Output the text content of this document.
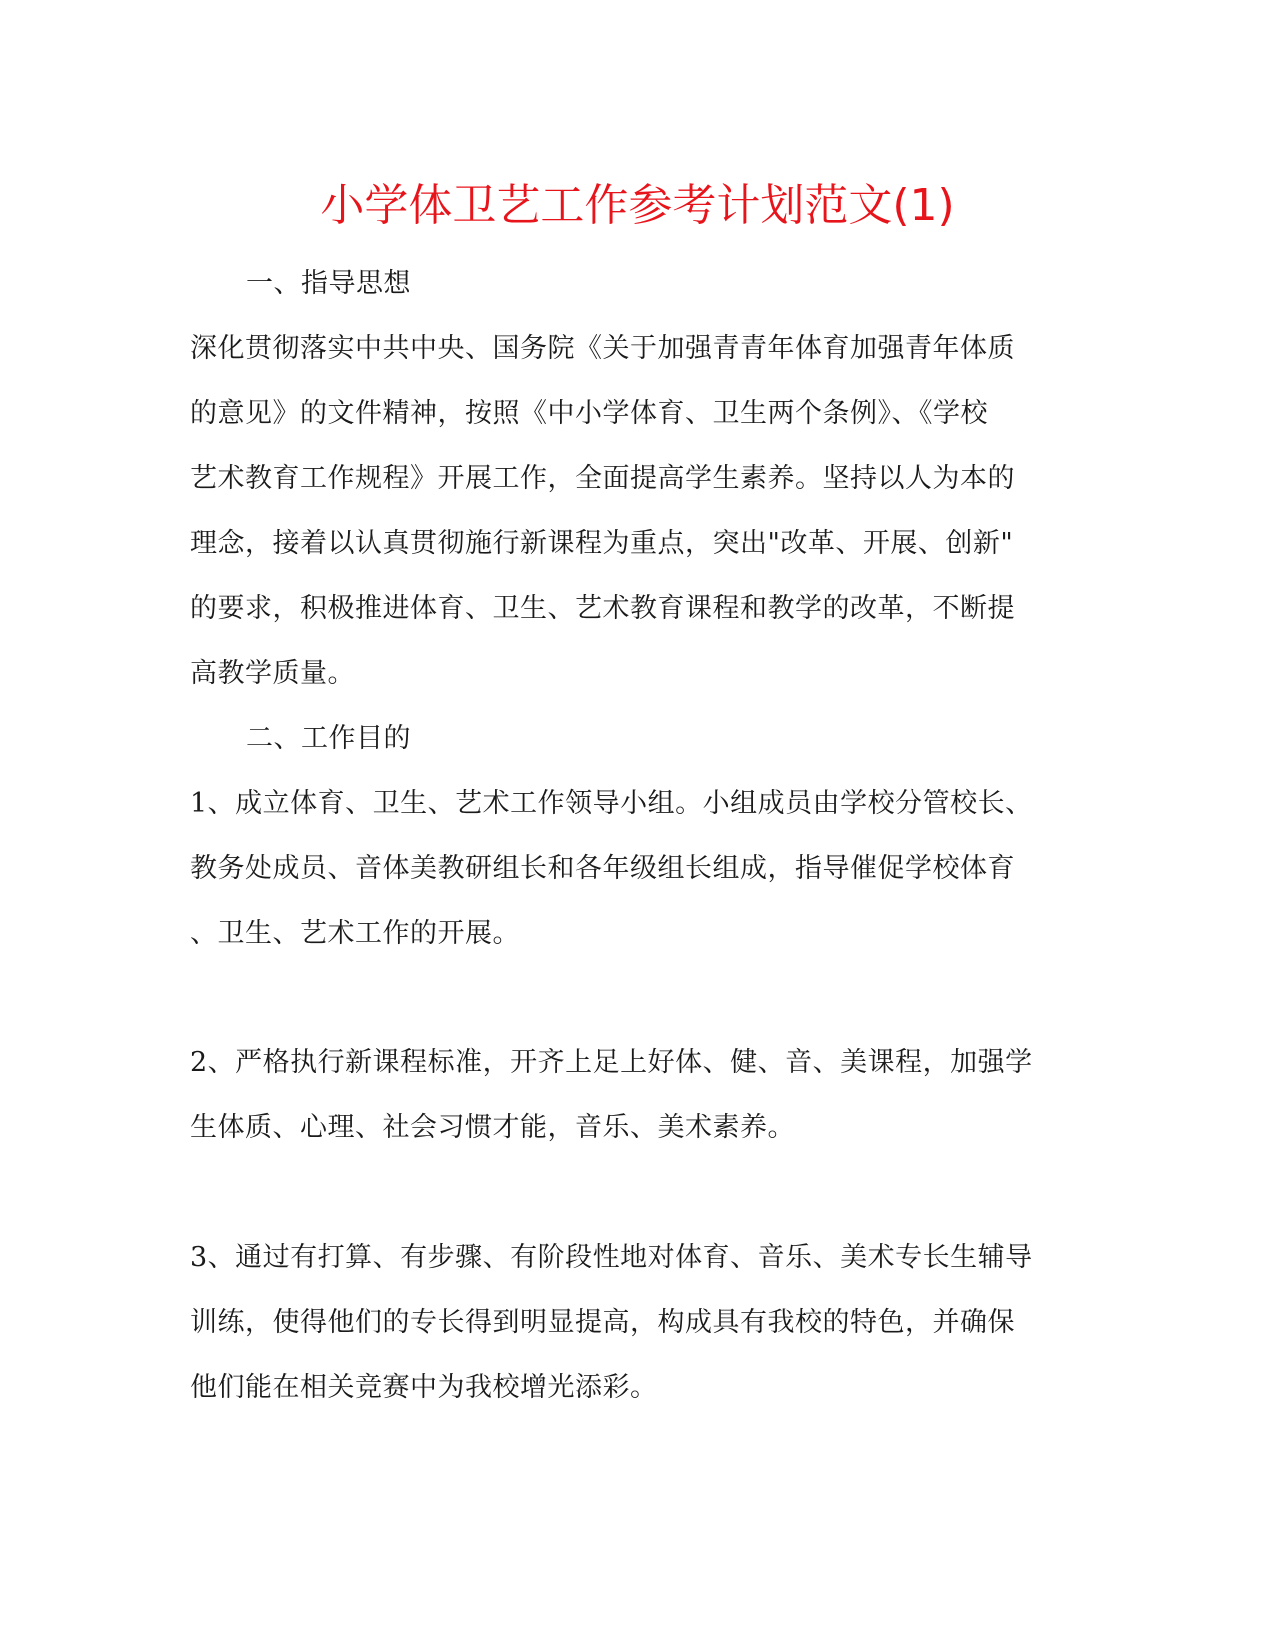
小学体卫艺工作参考计划范文(1)
一、指导思想
深化贯彻落实中共中央、国务院《关于加强青青年体育加强青年体质
的意见》的文件精神，按照《中小学体育、卫生两个条例》、《学校
艺术教育工作规程》开展工作，全面提高学生素养。坚持以人为本的
理念，接着以认真贯彻施行新课程为重点，突出"改革、开展、创新"
的要求，积极推进体育、卫生、艺术教育课程和教学的改革，不断提
高教学质量。
二、工作目的
1、成立体育、卫生、艺术工作领导小组。小组成员由学校分管校长、
教务处成员、音体美教研组长和各年级组长组成，指导催促学校体育
、卫生、艺术工作的开展。
2、严格执行新课程标准，开齐上足上好体、健、音、美课程，加强学
生体质、心理、社会习惯才能，音乐、美术素养。
3、通过有打算、有步骤、有阶段性地对体育、音乐、美术专长生辅导
训练，使得他们的专长得到明显提高，构成具有我校的特色，并确保
他们能在相关竞赛中为我校增光添彩。
